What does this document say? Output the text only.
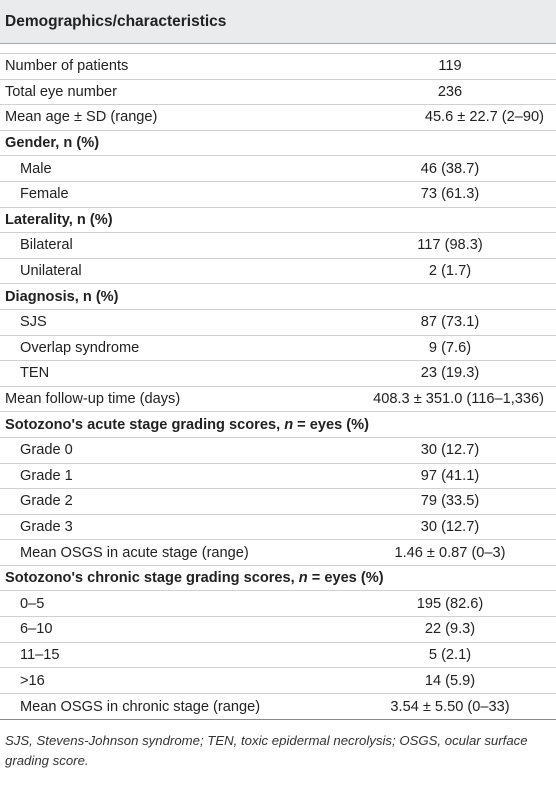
Demographics/characteristics
Number of patients	119
Total eye number	236
Mean age ± SD (range)	45.6 ± 22.7 (2–90)
Gender, n (%)
Male	46 (38.7)
Female	73 (61.3)
Laterality, n (%)
Bilateral	117 (98.3)
Unilateral	2 (1.7)
Diagnosis, n (%)
SJS	87 (73.1)
Overlap syndrome	9 (7.6)
TEN	23 (19.3)
Mean follow-up time (days)	408.3 ± 351.0 (116–1,336)
Sotozono's acute stage grading scores, n = eyes (%)
Grade 0	30 (12.7)
Grade 1	97 (41.1)
Grade 2	79 (33.5)
Grade 3	30 (12.7)
Mean OSGS in acute stage (range)	1.46 ± 0.87 (0–3)
Sotozono's chronic stage grading scores, n = eyes (%)
0–5	195 (82.6)
6–10	22 (9.3)
11–15	5 (2.1)
>16	14 (5.9)
Mean OSGS in chronic stage (range)	3.54 ± 5.50 (0–33)
SJS, Stevens-Johnson syndrome; TEN, toxic epidermal necrolysis; OSGS, ocular surface grading score.
